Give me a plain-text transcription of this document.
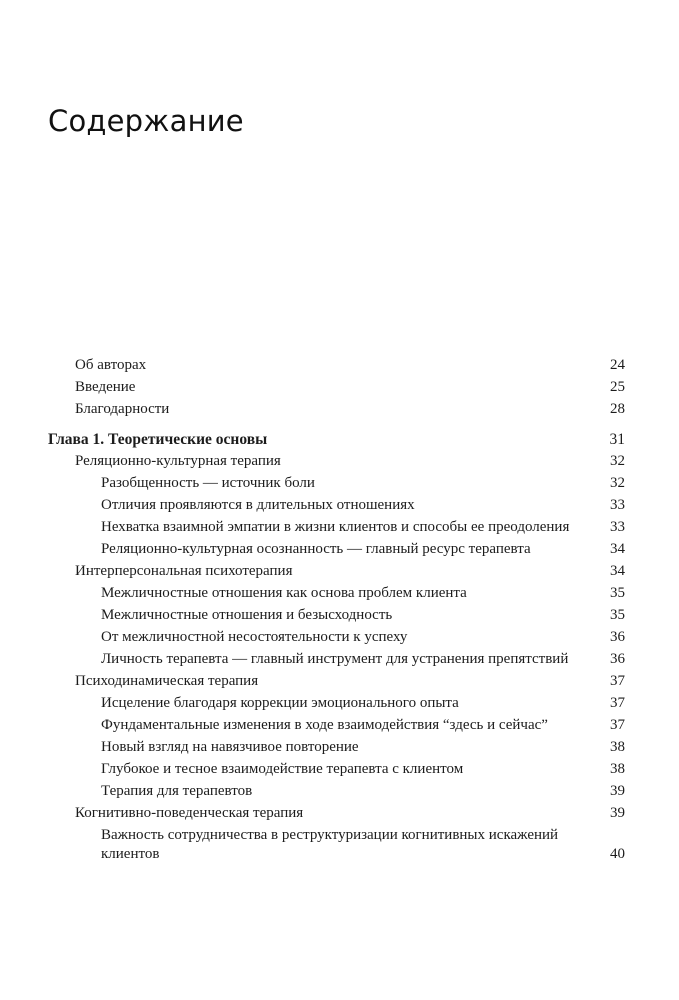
Содержание
Об авторах	24
Введение	25
Благодарности	28
Глава 1. Теоретические основы	31
Реляционно-культурная терапия	32
Разобщенность — источник боли	32
Отличия проявляются в длительных отношениях	33
Нехватка взаимной эмпатии в жизни клиентов и способы ее преодоления	33
Реляционно-культурная осознанность — главный ресурс терапевта	34
Интерперсональная психотерапия	34
Межличностные отношения как основа проблем клиента	35
Межличностные отношения и безысходность	35
От межличностной несостоятельности к успеху	36
Личность терапевта — главный инструмент для устранения препятствий	36
Психодинамическая терапия	37
Исцеление благодаря коррекции эмоционального опыта	37
Фундаментальные изменения в ходе взаимодействия “здесь и сейчас”	37
Новый взгляд на навязчивое повторение	38
Глубокое и тесное взаимодействие терапевта с клиентом	38
Терапия для терапевтов	39
Когнитивно-поведенческая терапия	39
Важность сотрудничества в реструктуризации когнитивных искажений клиентов	40
